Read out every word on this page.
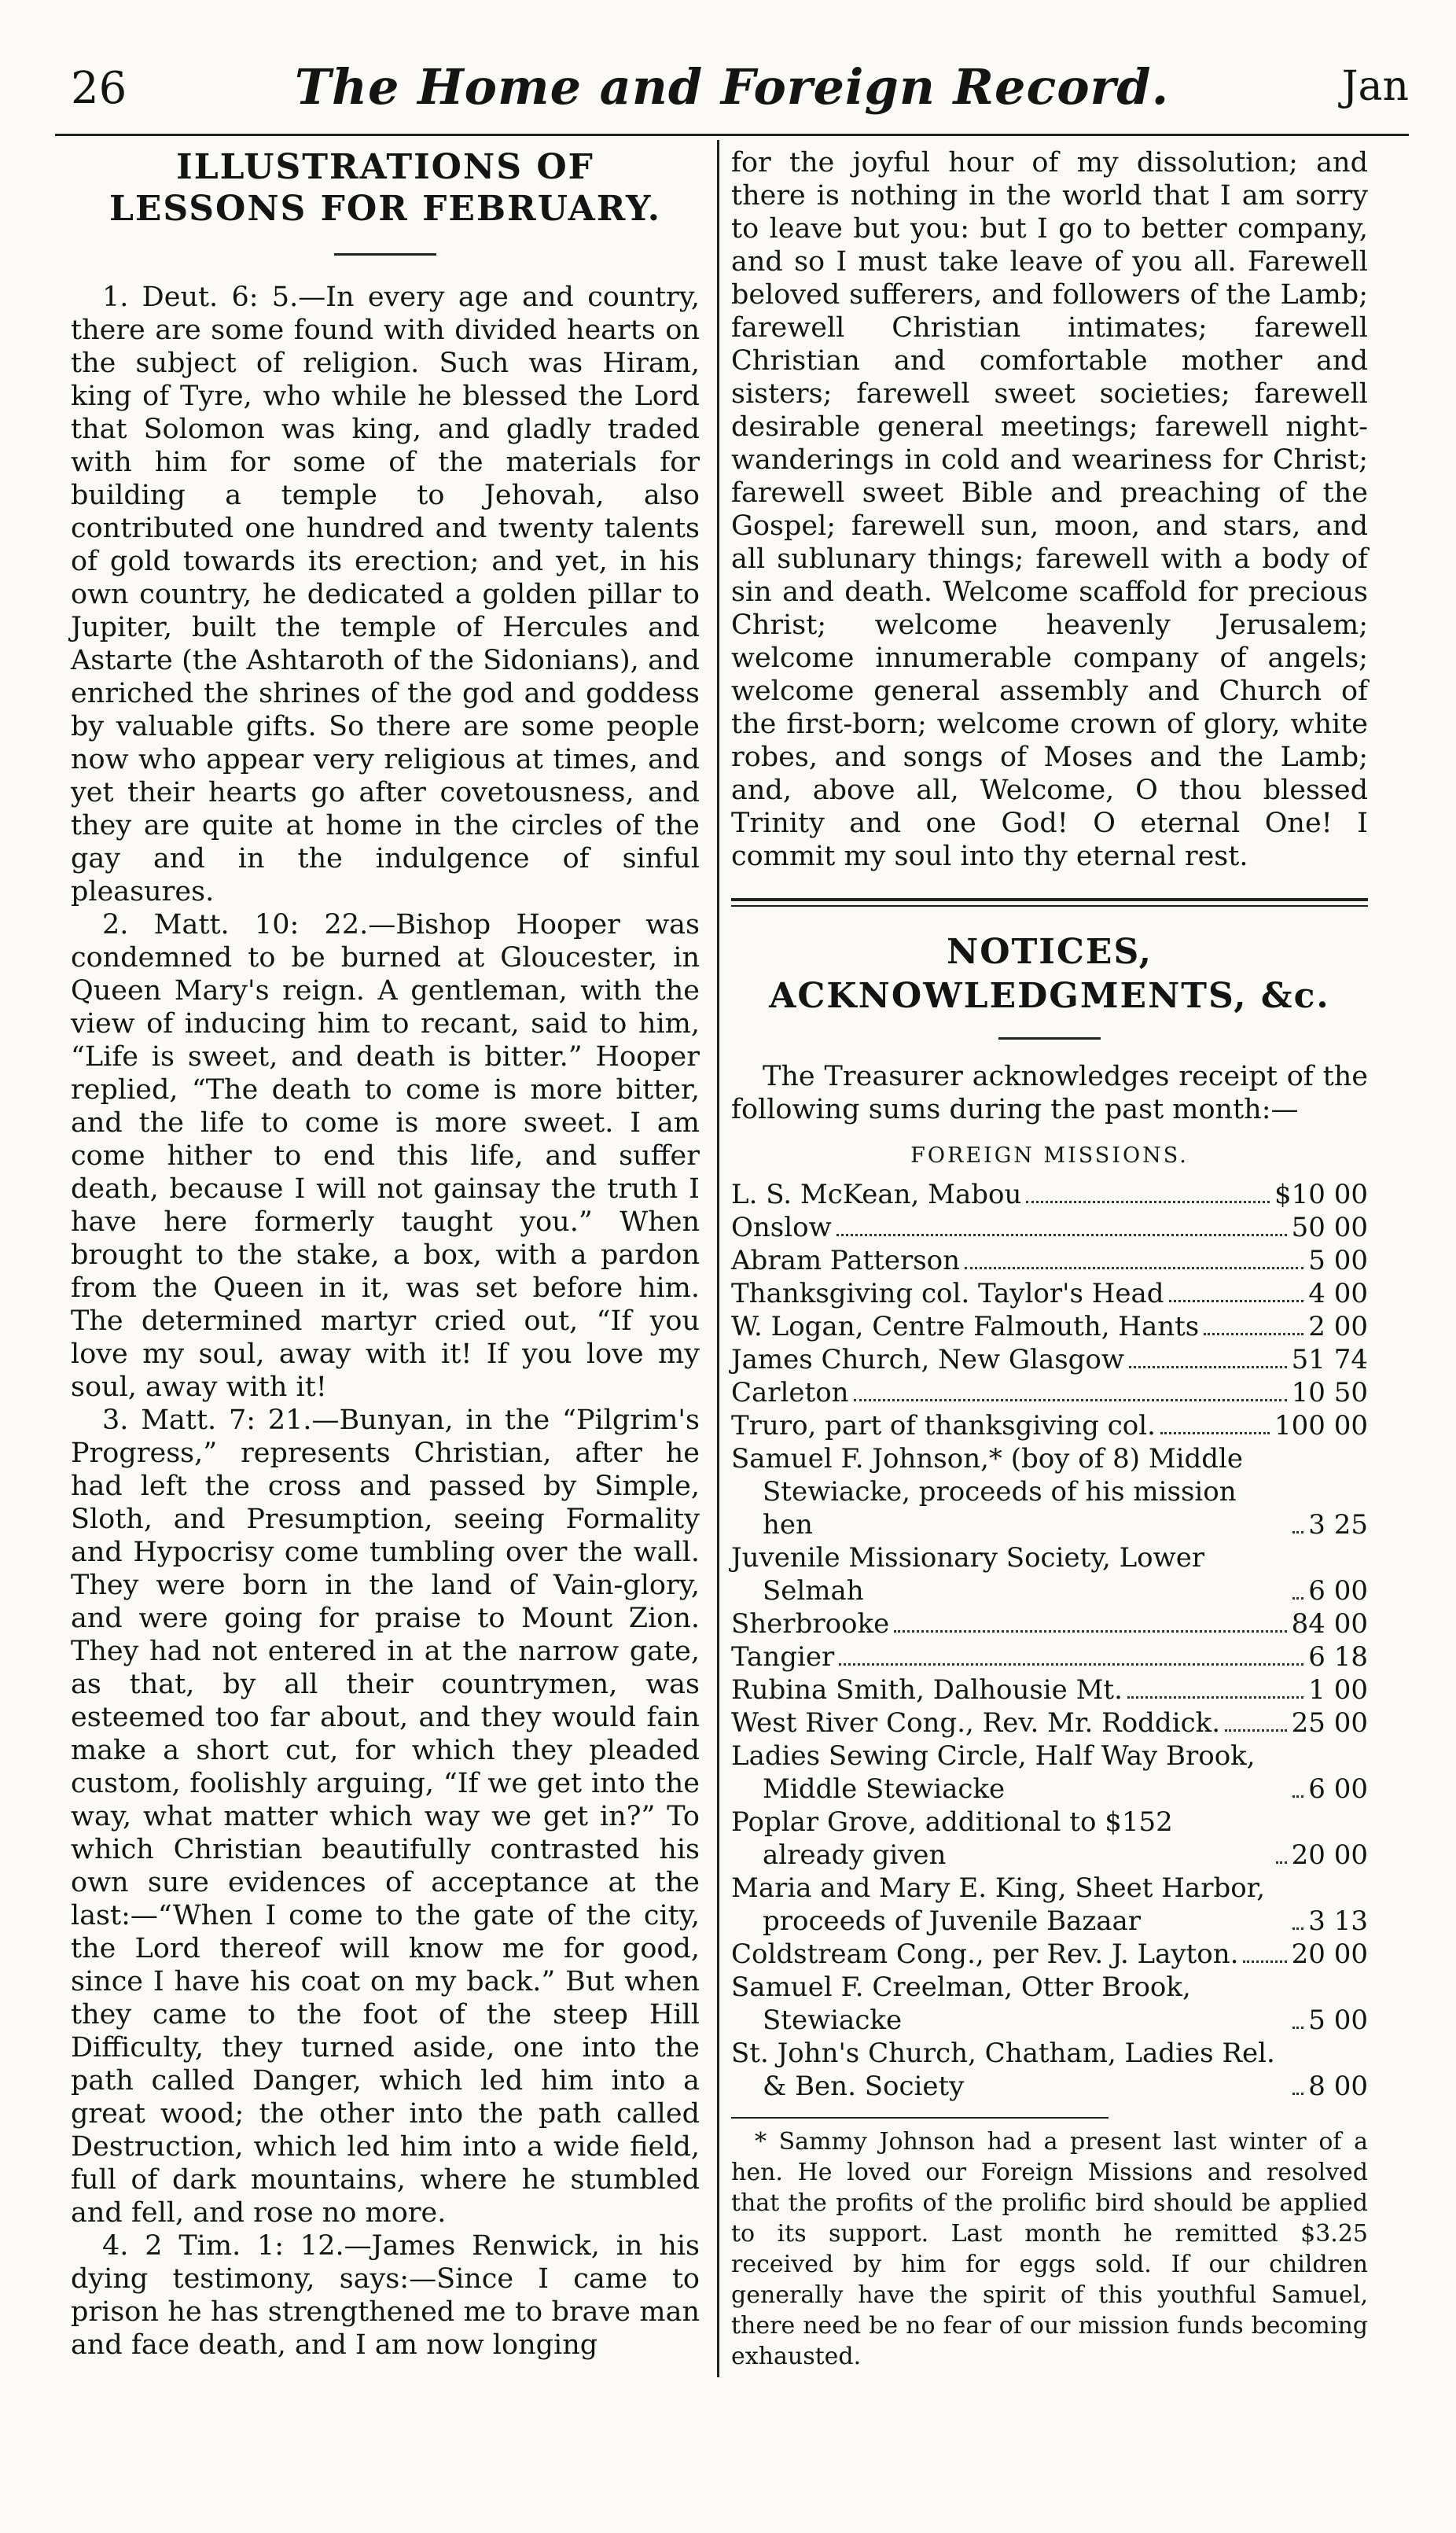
26	The Home and Foreign Record.	Jan
ILLUSTRATIONS OF LESSONS FOR FEBRUARY.

1. Deut. 6: 5.—In every age and country, there are some found with divided hearts on the subject of religion. Such was Hiram, king of Tyre, who while he blessed the Lord that Solomon was king, and gladly traded with him for some of the materials for building a temple to Jehovah, also contributed one hundred and twenty talents of gold towards its erection; and yet, in his own country, he dedicated a golden pillar to Jupiter, built the temple of Hercules and Astarte (the Ashtaroth of the Sidonians), and enriched the shrines of the god and goddess by valuable gifts. So there are some people now who appear very religious at times, and yet their hearts go after covetousness, and they are quite at home in the circles of the gay and in the indulgence of sinful pleasures.

2. Matt. 10: 22.—Bishop Hooper was condemned to be burned at Gloucester, in Queen Mary's reign. A gentleman, with the view of inducing him to recant, said to him, “Life is sweet, and death is bitter.” Hooper replied, “The death to come is more bitter, and the life to come is more sweet. I am come hither to end this life, and suffer death, because I will not gainsay the truth I have here formerly taught you.” When brought to the stake, a box, with a pardon from the Queen in it, was set before him. The determined martyr cried out, “If you love my soul, away with it! If you love my soul, away with it!

3. Matt. 7: 21.—Bunyan, in the “Pilgrim's Progress,” represents Christian, after he had left the cross and passed by Simple, Sloth, and Presumption, seeing Formality and Hypocrisy come tumbling over the wall. They were born in the land of Vain-glory, and were going for praise to Mount Zion. They had not entered in at the narrow gate, as that, by all their countrymen, was esteemed too far about, and they would fain make a short cut, for which they pleaded custom, foolishly arguing, “If we get into the way, what matter which way we get in?” To which Christian beautifully contrasted his own sure evidences of acceptance at the last:—“When I come to the gate of the city, the Lord thereof will know me for good, since I have his coat on my back.” But when they came to the foot of the steep Hill Difficulty, they turned aside, one into the path called Danger, which led him into a great wood; the other into the path called Destruction, which led him into a wide field, full of dark mountains, where he stumbled and fell, and rose no more.

4. 2 Tim. 1: 12.—James Renwick, in his dying testimony, says:—Since I came to prison he has strengthened me to brave man and face death, and I am now longing

for the joyful hour of my dissolution; and there is nothing in the world that I am sorry to leave but you: but I go to better company, and so I must take leave of you all. Farewell beloved sufferers, and followers of the Lamb; farewell Christian intimates; farewell Christian and comfortable mother and sisters; farewell sweet societies; farewell desirable general meetings; farewell night-wanderings in cold and weariness for Christ; farewell sweet Bible and preaching of the Gospel; farewell sun, moon, and stars, and all sublunary things; farewell with a body of sin and death. Welcome scaffold for precious Christ; welcome heavenly Jerusalem; welcome innumerable company of angels; welcome general assembly and Church of the first-born; welcome crown of glory, white robes, and songs of Moses and the Lamb; and, above all, Welcome, O thou blessed Trinity and one God! O eternal One! I commit my soul into thy eternal rest.

NOTICES, ACKNOWLEDGMENTS, &c.

The Treasurer acknowledges receipt of the following sums during the past month:—

FOREIGN MISSIONS.
L. S. McKean, Mabou	$10 00
Onslow	50 00
Abram Patterson	5 00
Thanksgiving col. Taylor's Head	4 00
W. Logan, Centre Falmouth, Hants	2 00
James Church, New Glasgow	51 74
Carleton	10 50
Truro, part of thanksgiving col.	100 00
Samuel F. Johnson,* (boy of 8) Middle Stewiacke, proceeds of his mission hen	3 25
Juvenile Missionary Society, Lower Selmah	6 00
Sherbrooke	84 00
Tangier	6 18
Rubina Smith, Dalhousie Mt.	1 00
West River Cong., Rev. Mr. Roddick.	25 00
Ladies Sewing Circle, Half Way Brook, Middle Stewiacke	6 00
Poplar Grove, additional to $152 already given	20 00
Maria and Mary E. King, Sheet Harbor, proceeds of Juvenile Bazaar	3 13
Coldstream Cong., per Rev. J. Layton. 20 00
Samuel F. Creelman, Otter Brook, Stewiacke	5 00
St. John's Church, Chatham, Ladies Rel. & Ben. Society	8 00

* Sammy Johnson had a present last winter of a hen. He loved our Foreign Missions and resolved that the profits of the prolific bird should be applied to its support. Last month he remitted $3.25 received by him for eggs sold. If our children generally have the spirit of this youthful Samuel, there need be no fear of our mission funds becoming exhausted.
